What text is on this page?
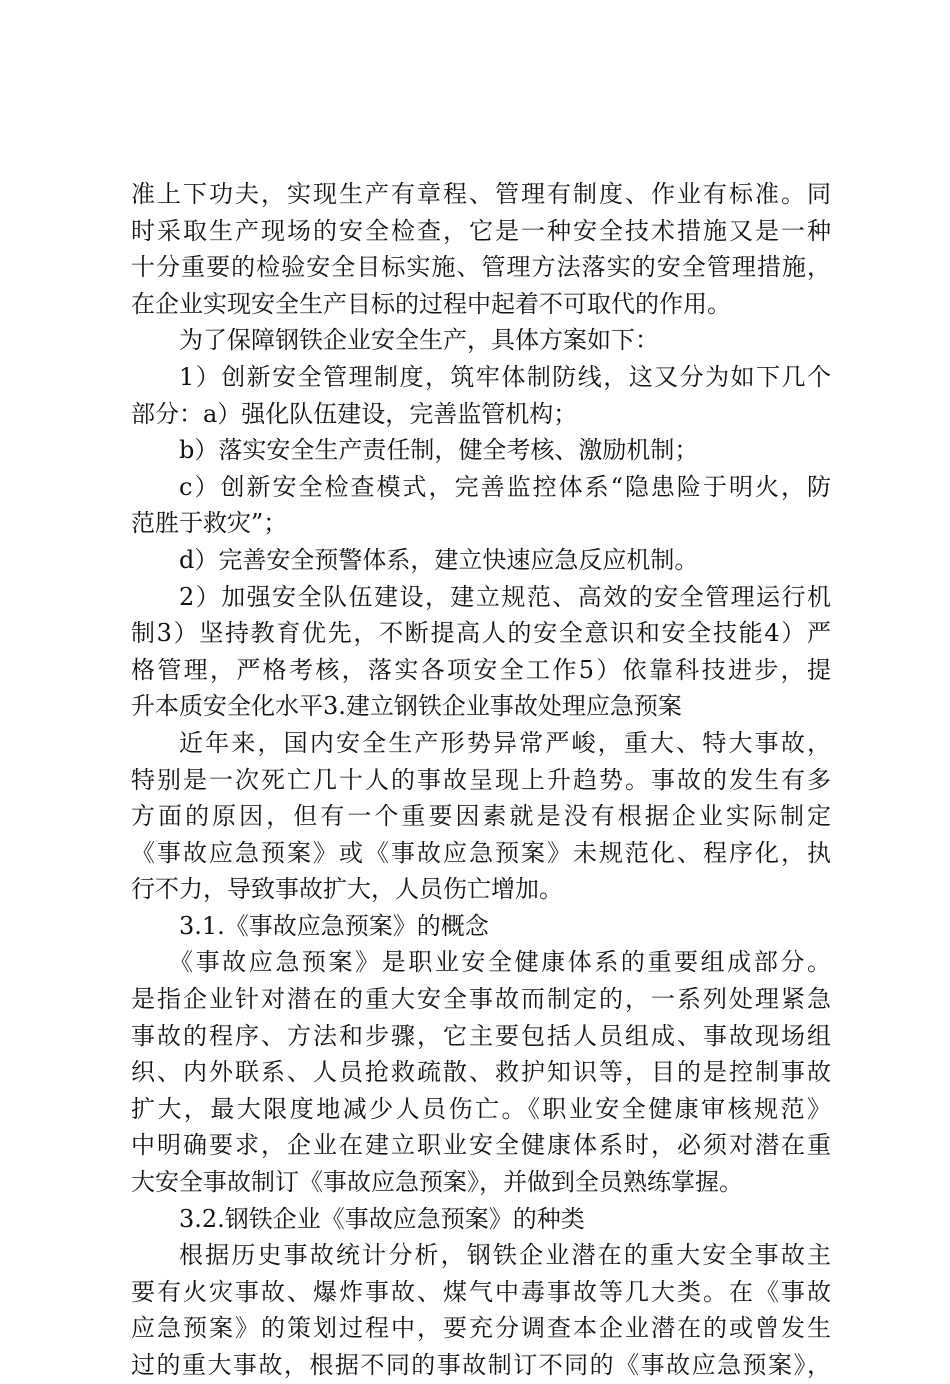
准上下功夫，实现生产有章程、管理有制度、作业有标准。同
时采取生产现场的安全检查，它是一种安全技术措施又是一种
十分重要的检验安全目标实施、管理方法落实的安全管理措施，
在企业实现安全生产目标的过程中起着不可取代的作用。
为了保障钢铁企业安全生产，具体方案如下：
1）创新安全管理制度，筑牢体制防线，这又分为如下几个
部分：a）强化队伍建设，完善监管机构；
b）落实安全生产责任制，健全考核、激励机制；
c）创新安全检查模式，完善监控体系“隐患险于明火，防
范胜于救灾”；
d）完善安全预警体系，建立快速应急反应机制。
2）加强安全队伍建设，建立规范、高效的安全管理运行机
制3）坚持教育优先，不断提高人的安全意识和安全技能4）严
格管理，严格考核，落实各项安全工作5）依靠科技进步，提
升本质安全化水平3.建立钢铁企业事故处理应急预案
近年来，国内安全生产形势异常严峻，重大、特大事故，
特别是一次死亡几十人的事故呈现上升趋势。事故的发生有多
方面的原因，但有一个重要因素就是没有根据企业实际制定
《事故应急预案》或《事故应急预案》未规范化、程序化，执
行不力，导致事故扩大，人员伤亡增加。
3.1.《事故应急预案》的概念
《事故应急预案》是职业安全健康体系的重要组成部分。
是指企业针对潜在的重大安全事故而制定的，一系列处理紧急
事故的程序、方法和步骤，它主要包括人员组成、事故现场组
织、内外联系、人员抢救疏散、救护知识等，目的是控制事故
扩大，最大限度地减少人员伤亡。《职业安全健康审核规范》
中明确要求，企业在建立职业安全健康体系时，必须对潜在重
大安全事故制订《事故应急预案》，并做到全员熟练掌握。
3.2.钢铁企业《事故应急预案》的种类
根据历史事故统计分析，钢铁企业潜在的重大安全事故主
要有火灾事故、爆炸事故、煤气中毒事故等几大类。在《事故
应急预案》的策划过程中，要充分调查本企业潜在的或曾发生
过的重大事故，根据不同的事故制订不同的《事故应急预案》，
